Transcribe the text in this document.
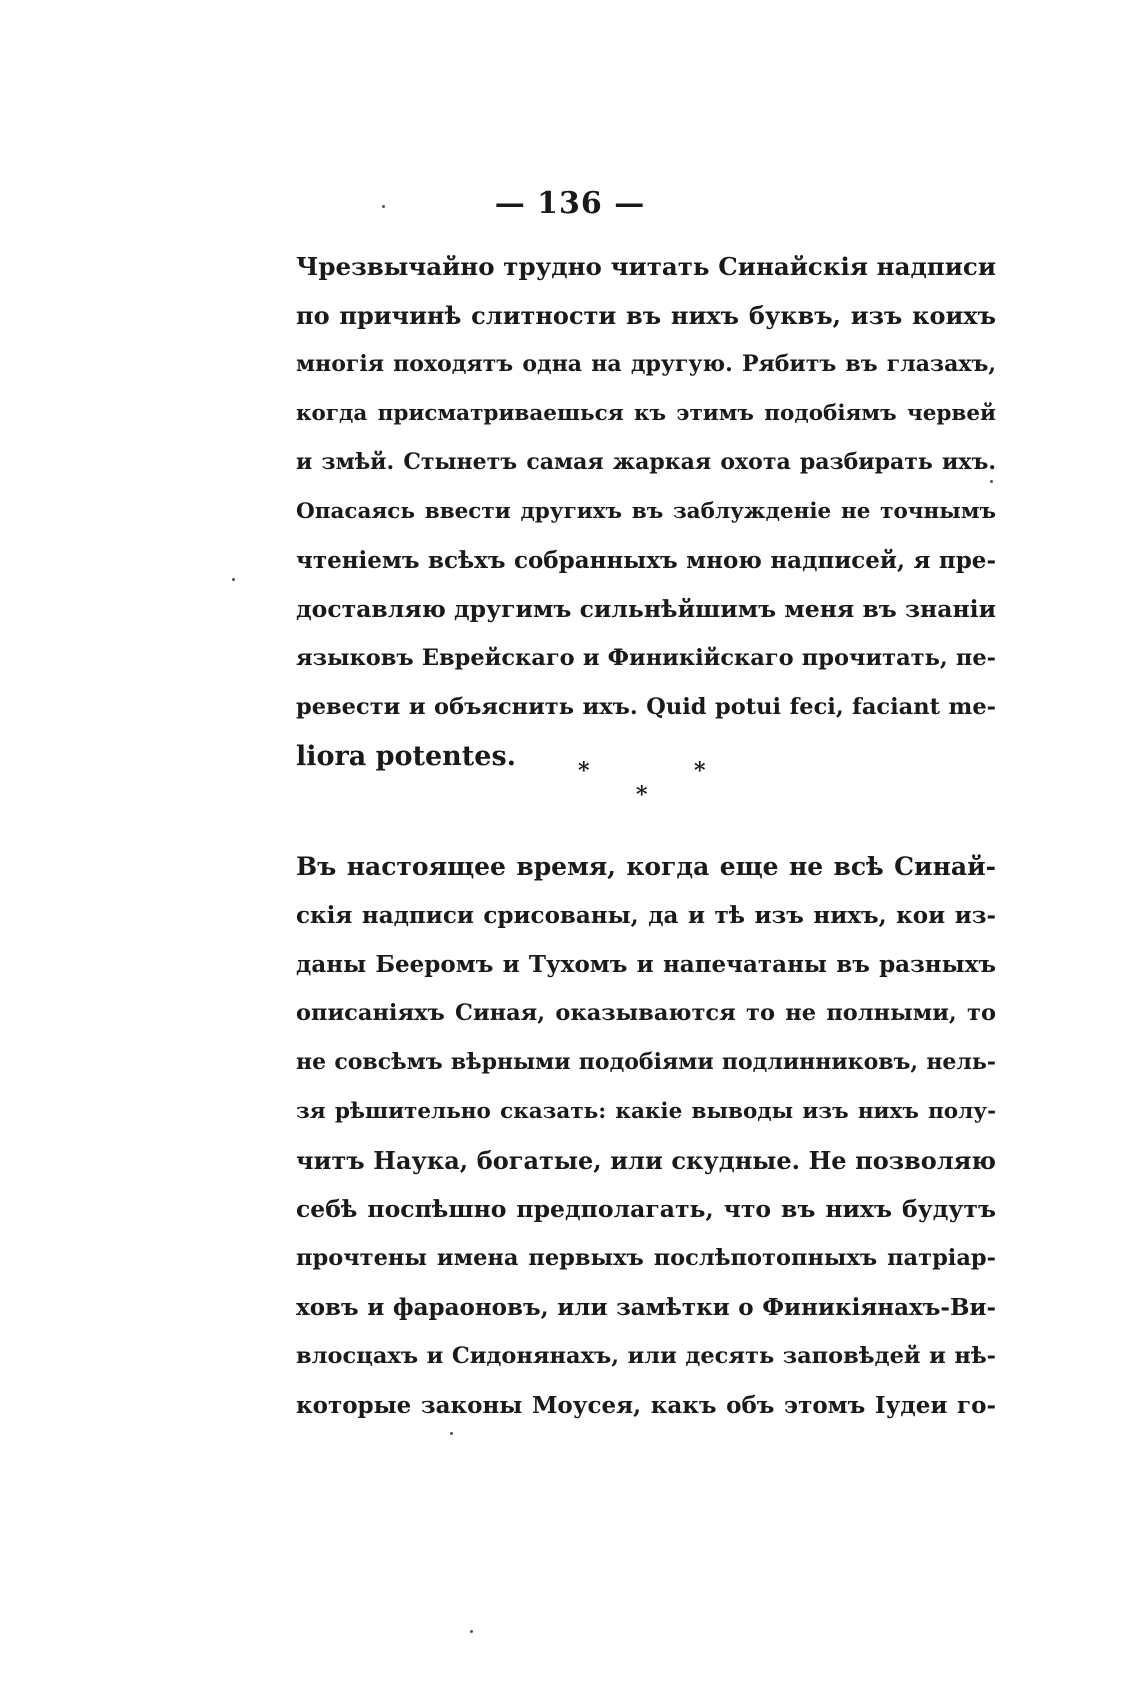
— 136 —
Чрезвычайно трудно читать Синайскія надписи
по причинѣ слитности въ нихъ буквъ, изъ коихъ
многія походятъ одна на другую. Рябитъ въ глазахъ,
когда присматриваешься къ этимъ подобіямъ червей
и змѣй. Стынетъ самая жаркая охота разбирать ихъ.
Опасаясь ввести другихъ въ заблужденіе не точнымъ
чтеніемъ всѣхъ собранныхъ мною надписей, я пре-
доставляю другимъ сильнѣйшимъ меня въ знаніи
языковъ Еврейскаго и Финикійскаго прочитать, пе-
ревести и объяснить ихъ. Quid potui feci, faciant me-
liora potentes.	*	*
*
Въ настоящее время, когда еще не всѣ Синай-
скія надписи срисованы, да и тѣ изъ нихъ, кои из-
даны Бееромъ и Тухомъ и напечатаны въ разныхъ
описаніяхъ Синая, оказываются то не полными, то
не совсѣмъ вѣрными подобіями подлинниковъ, нель-
зя рѣшительно сказать: какіе выводы изъ нихъ полу-
читъ Наука, богатые, или скудные. Не позволяю
себѣ поспѣшно предполагать, что въ нихъ будутъ
прочтены имена первыхъ послѣпотопныхъ патріар-
ховъ и фараоновъ, или замѣтки о Финикіянахъ-Ви-
влосцахъ и Сидонянахъ, или десять заповѣдей и нѣ-
которые законы Моусея, какъ объ этомъ Іудеи го-
